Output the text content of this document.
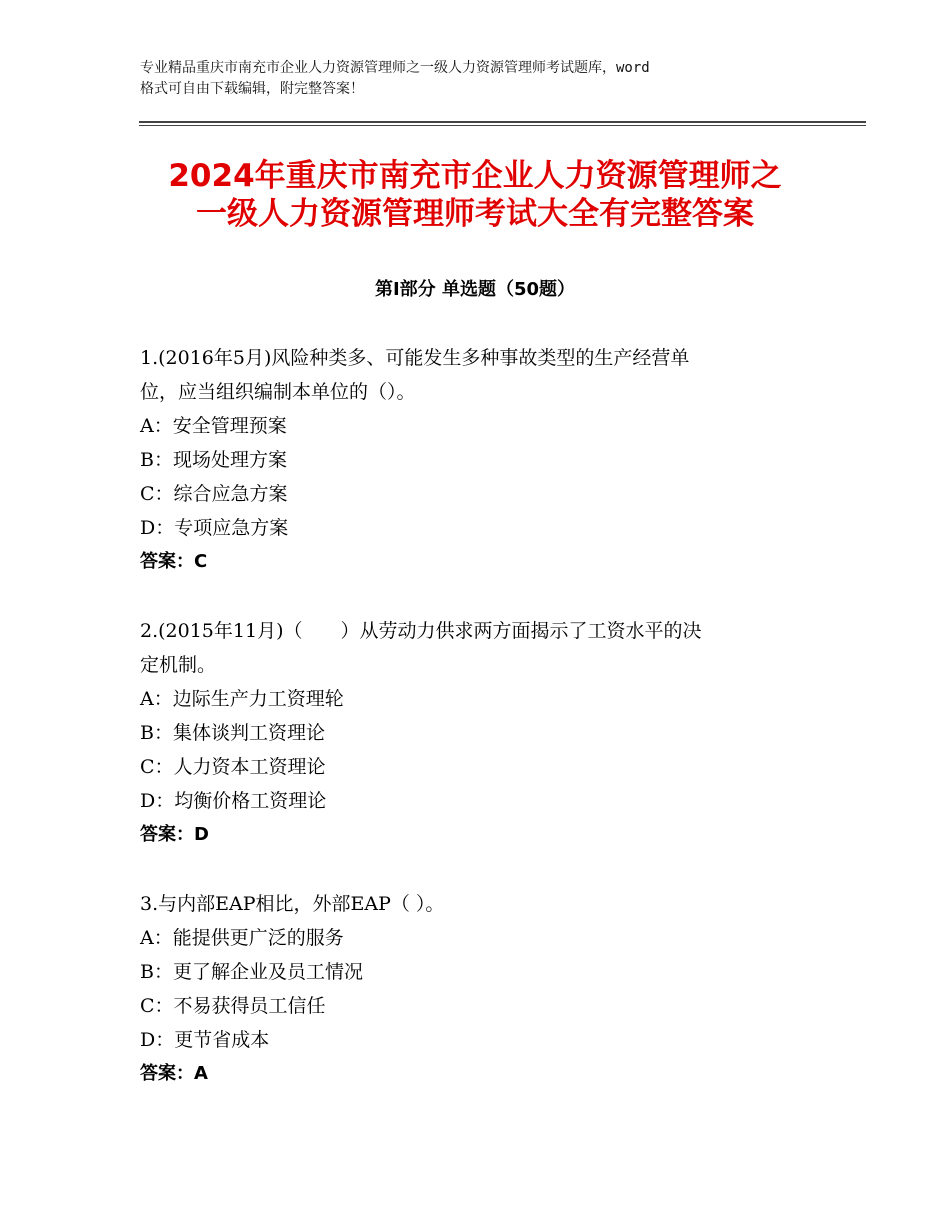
专业精品重庆市南充市企业人力资源管理师之一级人力资源管理师考试题库，word
格式可自由下载编辑，附完整答案！
2024年重庆市南充市企业人力资源管理师之
一级人力资源管理师考试大全有完整答案
第Ⅰ部分 单选题（50题）
1.(2016年5月)风险种类多、可能发生多种事故类型的生产经营单
位，应当组织编制本单位的（）。
A：安全管理预案
B：现场处理方案
C：综合应急方案
D：专项应急方案
答案：C
2.(2015年11月)（　　）从劳动力供求两方面揭示了工资水平的决
定机制。
A：边际生产力工资理轮
B：集体谈判工资理论
C：人力资本工资理论
D：均衡价格工资理论
答案：D
3.与内部EAP相比，外部EAP（ ）。
A：能提供更广泛的服务
B：更了解企业及员工情况
C：不易获得员工信任
D：更节省成本
答案：A
